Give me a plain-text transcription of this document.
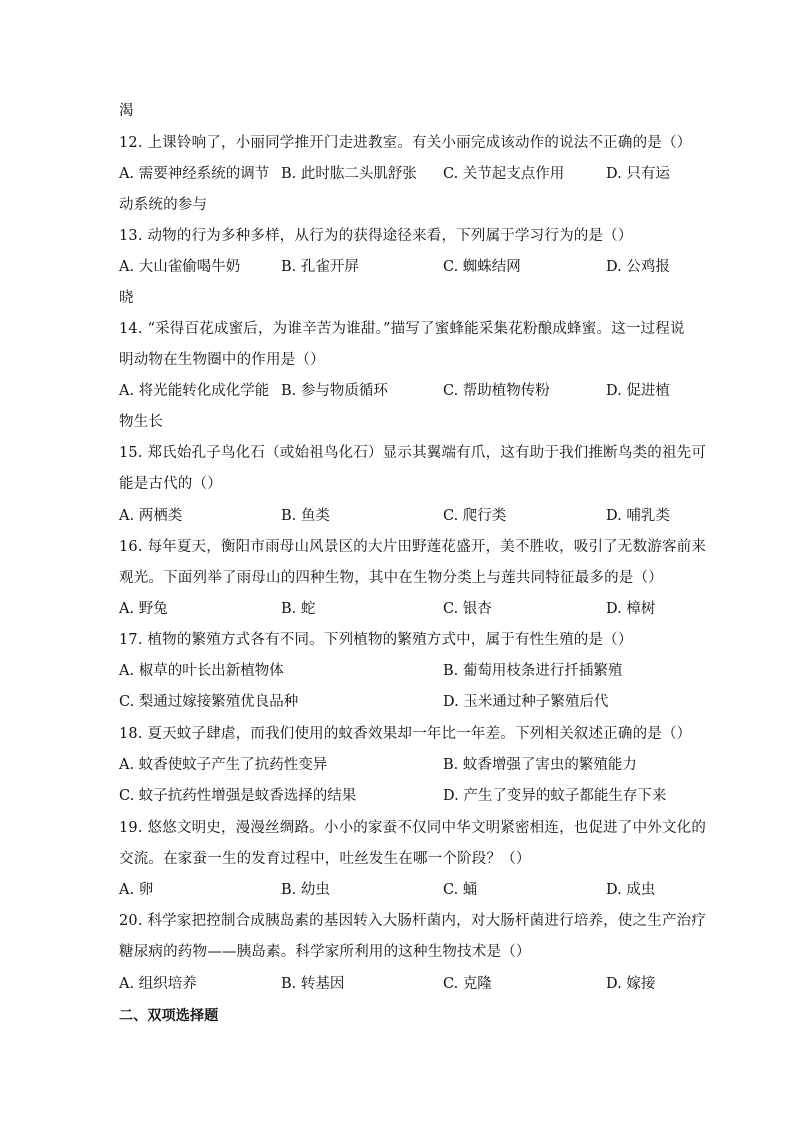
渴
12. 上课铃响了，小丽同学推开门走进教室。有关小丽完成该动作的说法不正确的是（）
A. 需要神经系统的调节 B. 此时肱二头肌舒张 C. 关节起支点作用	D. 只有运
动系统的参与
13. 动物的行为多种多样，从行为的获得途径来看，下列属于学习行为的是（）
A. 大山雀偷喝牛奶	B. 孔雀开屏	C. 蜘蛛结网	D. 公鸡报
晓
14. “采得百花成蜜后，为谁辛苦为谁甜。”描写了蜜蜂能采集花粉酿成蜂蜜。这一过程说
明动物在生物圈中的作用是（）
A. 将光能转化成化学能 B. 参与物质循环	C. 帮助植物传粉	D. 促进植
物生长
15. 郑氏始孔子鸟化石（或始祖鸟化石）显示其翼端有爪，这有助于我们推断鸟类的祖先可
能是古代的（）
A. 两栖类	B. 鱼类	C. 爬行类	D. 哺乳类
16. 每年夏天，衡阳市雨母山风景区的大片田野莲花盛开，美不胜收，吸引了无数游客前来
观光。下面列举了雨母山的四种生物，其中在生物分类上与莲共同特征最多的是（）
A. 野兔	B. 蛇	C. 银杏	D. 樟树
17. 植物的繁殖方式各有不同。下列植物的繁殖方式中，属于有性生殖的是（）
A. 椒草的叶长出新植物体	B. 葡萄用枝条进行扦插繁殖
C. 梨通过嫁接繁殖优良品种	D. 玉米通过种子繁殖后代
18. 夏天蚊子肆虐，而我们使用的蚊香效果却一年比一年差。下列相关叙述正确的是（）
A. 蚊香使蚊子产生了抗药性变异	B. 蚊香增强了害虫的繁殖能力
C. 蚊子抗药性增强是蚊香选择的结果	D. 产生了变异的蚊子都能生存下来
19. 悠悠文明史，漫漫丝绸路。小小的家蚕不仅同中华文明紧密相连，也促进了中外文化的
交流。在家蚕一生的发育过程中，吐丝发生在哪一个阶段？（）
A. 卵	B. 幼虫	C. 蛹	D. 成虫
20. 科学家把控制合成胰岛素的基因转入大肠杆菌内，对大肠杆菌进行培养，使之生产治疗
糖尿病的药物——胰岛素。科学家所利用的这种生物技术是（）
A. 组织培养	B. 转基因	C. 克隆	D. 嫁接
二、双项选择题
